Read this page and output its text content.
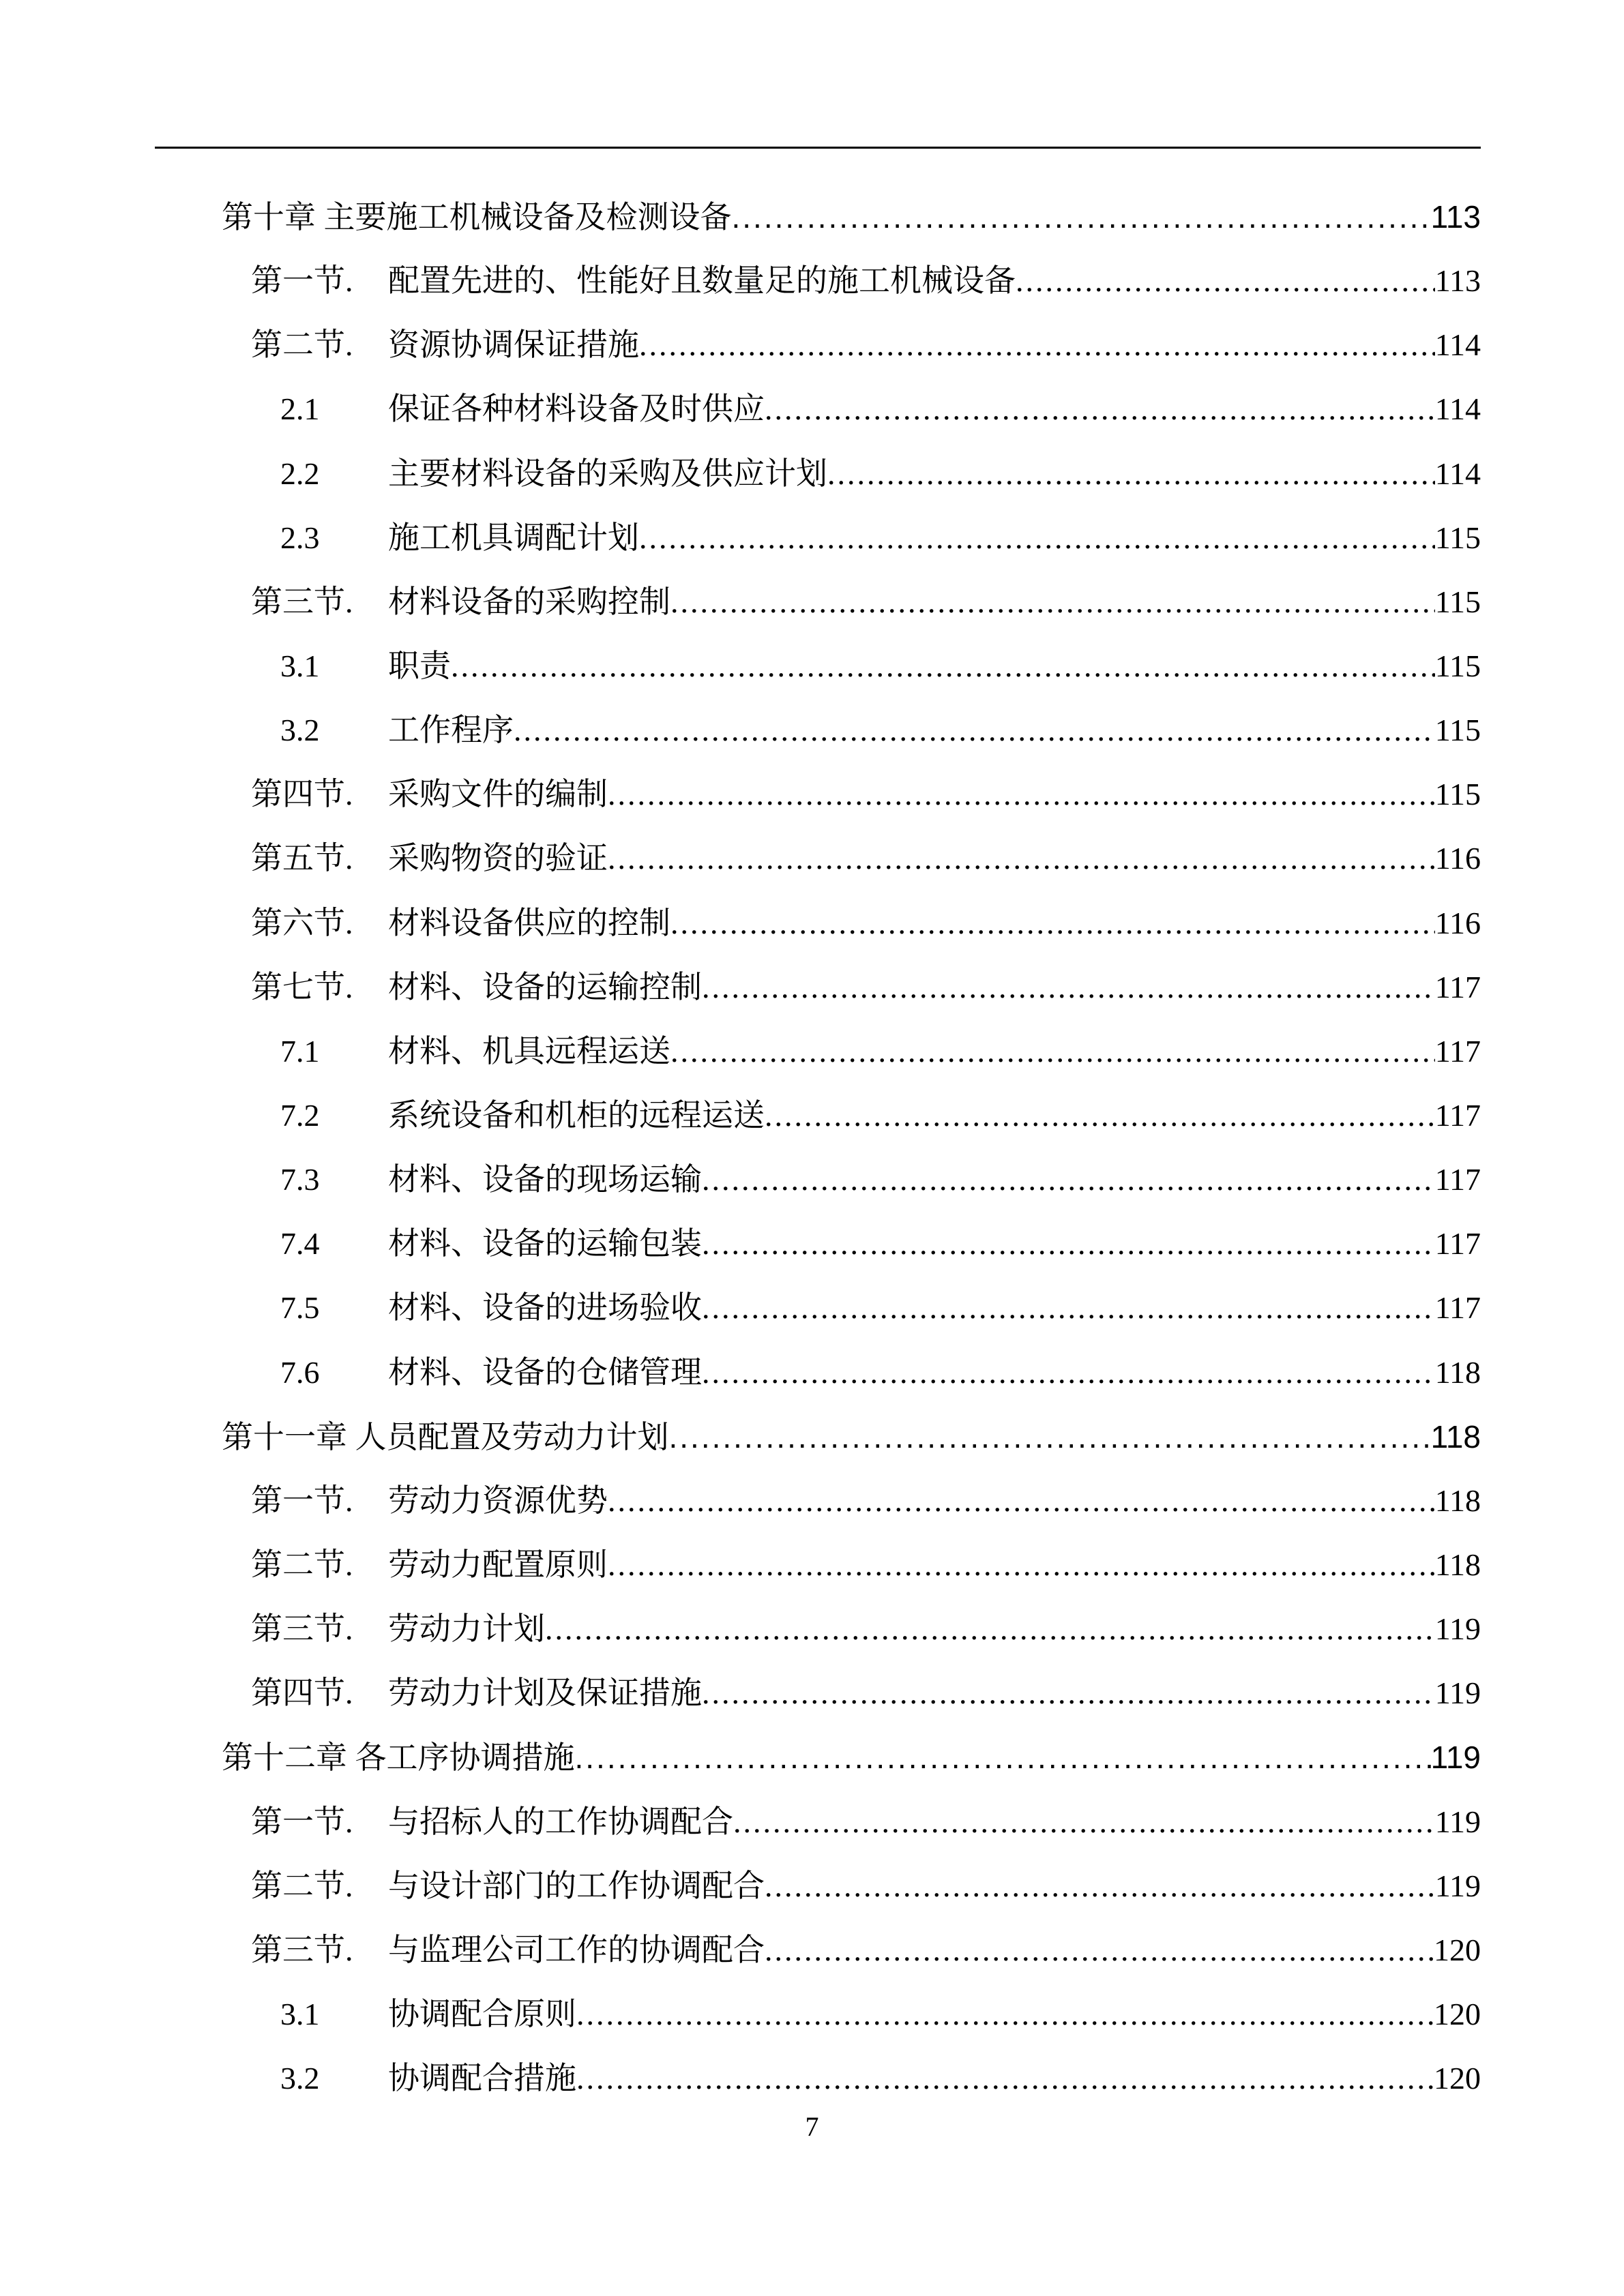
第十章 主要施工机械设备及检测设备 .....	113
第一节. 配置先进的、性能好且数量足的施工机械设备 .....	113
第二节. 资源协调保证措施 .....	114
2.1 保证各种材料设备及时供应 .....	114
2.2 主要材料设备的采购及供应计划 .....	114
2.3 施工机具调配计划 .....	115
第三节. 材料设备的采购控制 .....	115
3.1 职责 .....	115
3.2 工作程序 .....	115
第四节. 采购文件的编制 .....	115
第五节. 采购物资的验证 .....	116
第六节. 材料设备供应的控制 .....	116
第七节. 材料、设备的运输控制 .....	117
7.1 材料、机具远程运送 .....	117
7.2 系统设备和机柜的远程运送 .....	117
7.3 材料、设备的现场运输 .....	117
7.4 材料、设备的运输包装 .....	117
7.5 材料、设备的进场验收 .....	117
7.6 材料、设备的仓储管理 .....	118
第十一章 人员配置及劳动力计划 .....	118
第一节. 劳动力资源优势 .....	118
第二节. 劳动力配置原则 .....	118
第三节. 劳动力计划 .....	119
第四节. 劳动力计划及保证措施 .....	119
第十二章 各工序协调措施 .....	119
第一节. 与招标人的工作协调配合 .....	119
第二节. 与设计部门的工作协调配合 .....	119
第三节. 与监理公司工作的协调配合 .....	120
3.1 协调配合原则 .....	120
3.2 协调配合措施 .....	120
7
